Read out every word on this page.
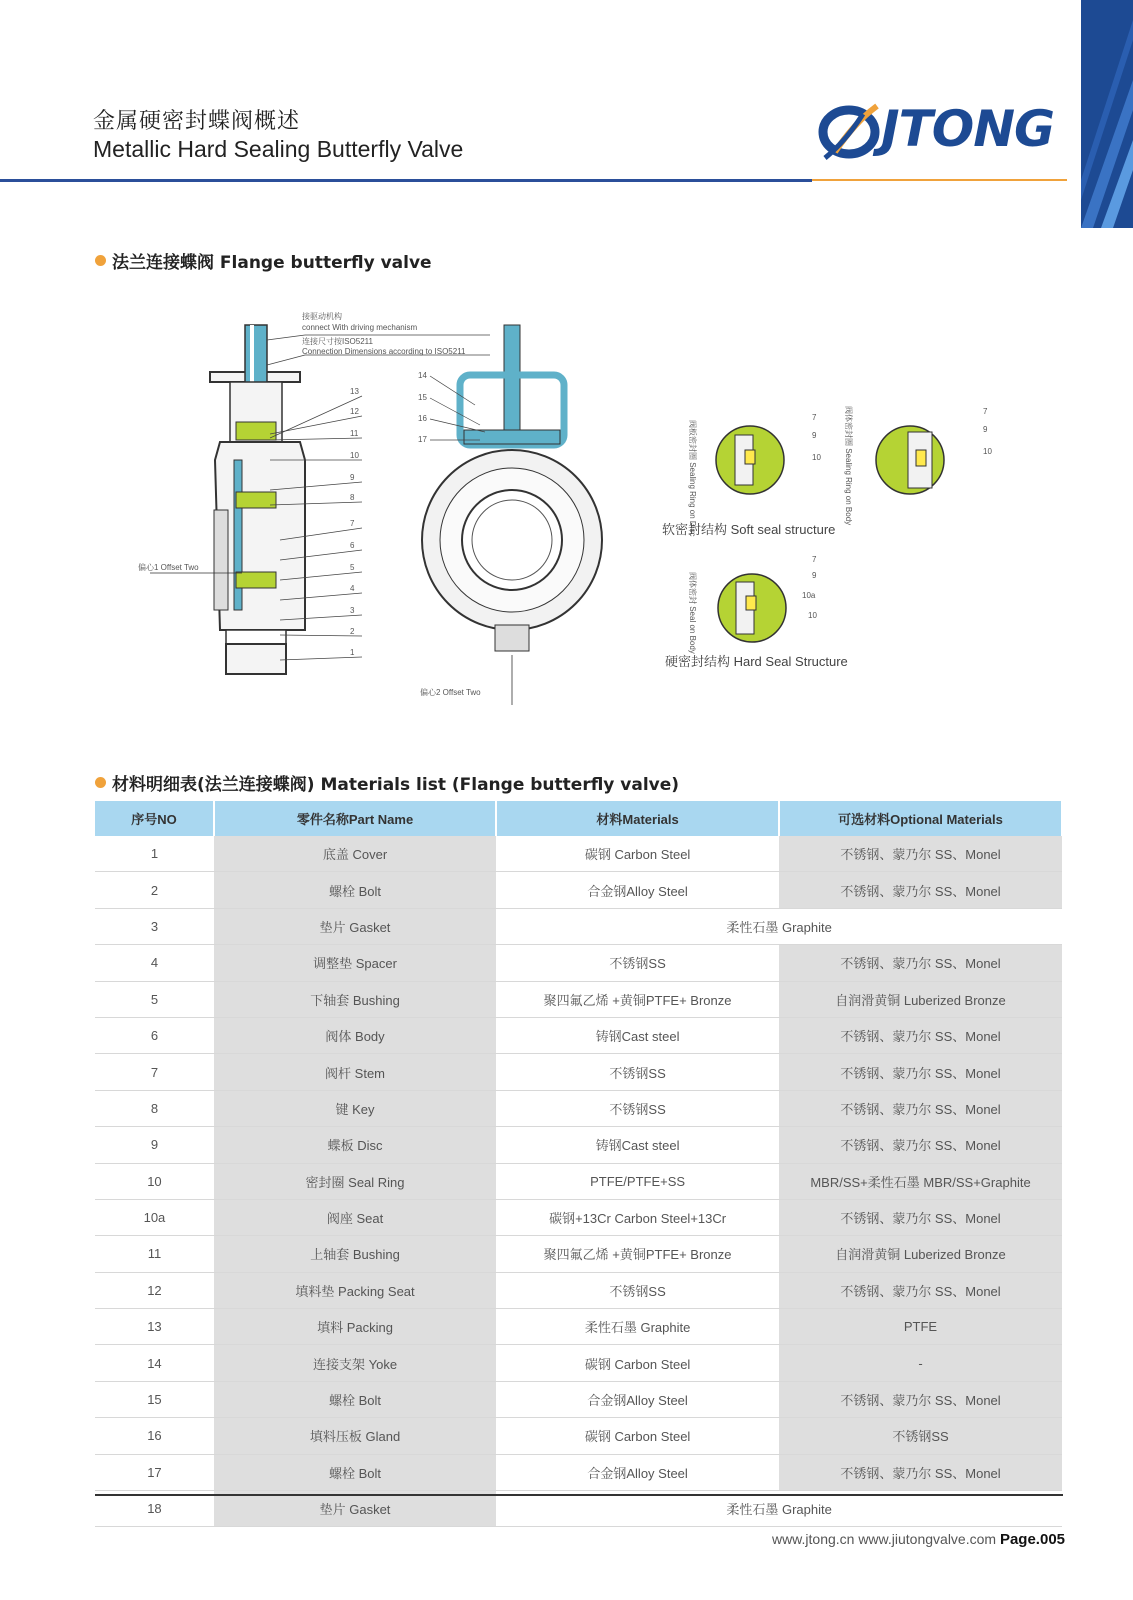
金属硬密封蝶阀概述
Metallic Hard Sealing Butterfly Valve	JTONG
法兰连接蝶阀 Flange butterfly valve
偏心1 Offset Two
13
12
11
10
9
8
7
6
5
4
3
2
1
接驱动机构
connect With driving mechanism
连接尺寸按ISO5211
Connection Dimensions according to ISO5211
偏心2 Offset Two
14
15
16
17
7
9
10
7
9
10
阀板密封圈 Sealing Ring on Disc	阀体密封圈 Sealing Ring on Body
软密封结构 Soft seal structure
7
9
10a
10
阀体密封 Seal on Body
硬密封结构 Hard Seal Structure
材料明细表(法兰连接蝶阀) Materials list (Flange butterfly valve)
序号NO	零件名称Part Name	材料Materials	可选材料Optional Materials
1	底盖 Cover	碳钢 Carbon Steel	不锈钢、蒙乃尔 SS、Monel
2	螺栓 Bolt	合金钢Alloy Steel	不锈钢、蒙乃尔 SS、Monel
3	垫片 Gasket	柔性石墨 Graphite	
4	调整垫 Spacer	不锈钢SS	不锈钢、蒙乃尔 SS、Monel
5	下轴套 Bushing	聚四氟乙烯 +黄铜PTFE+ Bronze	自润滑黄铜 Luberized Bronze
6	阀体 Body	铸钢Cast steel	不锈钢、蒙乃尔 SS、Monel
7	阀杆 Stem	不锈钢SS	不锈钢、蒙乃尔 SS、Monel
8	键 Key	不锈钢SS	不锈钢、蒙乃尔 SS、Monel
9	蝶板 Disc	铸钢Cast steel	不锈钢、蒙乃尔 SS、Monel
10	密封圈 Seal Ring	PTFE/PTFE+SS	MBR/SS+柔性石墨 MBR/SS+Graphite
10a	阀座 Seat	碳钢+13Cr Carbon Steel+13Cr	不锈钢、蒙乃尔 SS、Monel
11	上轴套 Bushing	聚四氟乙烯 +黄铜PTFE+ Bronze	自润滑黄铜 Luberized Bronze
12	填料垫 Packing Seat	不锈钢SS	不锈钢、蒙乃尔 SS、Monel
13	填料 Packing	柔性石墨 Graphite	PTFE
14	连接支架 Yoke	碳钢 Carbon Steel	-
15	螺栓 Bolt	合金钢Alloy Steel	不锈钢、蒙乃尔 SS、Monel
16	填料压板 Gland	碳钢 Carbon Steel	不锈钢SS
17	螺栓 Bolt	合金钢Alloy Steel	不锈钢、蒙乃尔 SS、Monel
18	垫片 Gasket	柔性石墨 Graphite	
www.jtong.cn www.jiutongvalve.com Page.005
